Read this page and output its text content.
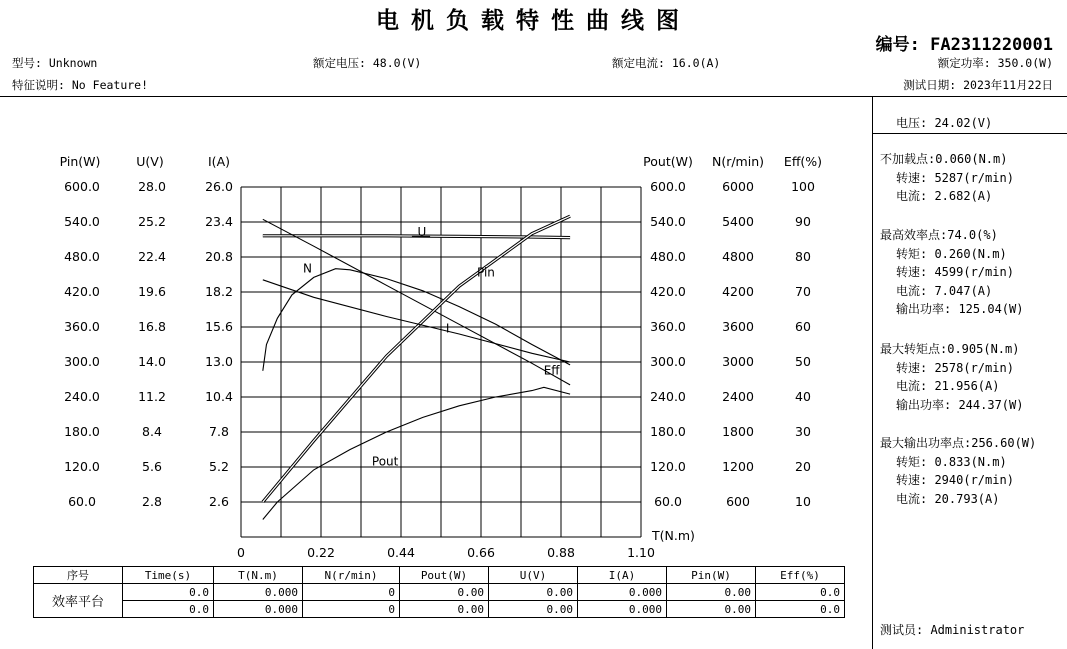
电机负载特性曲线图
编号: FA2311220001
型号: Unknown	额定电压: 48.0(V)	额定电流: 16.0(A)	额定功率: 350.0(W)
特征说明: No Feature!	测试日期: 2023年11月22日
电压: 24.02(V)
不加载点:0.060(N.m)
转速: 5287(r/min)
电流: 2.682(A)
最高效率点:74.0(%)
转矩: 0.260(N.m)
转速: 4599(r/min)
电流: 7.047(A)
输出功率: 125.04(W)
最大转矩点:0.905(N.m)
转速: 2578(r/min)
电流: 21.956(A)
输出功率: 244.37(W)
最大输出功率点:256.60(W)
转矩: 0.833(N.m)
转速: 2940(r/min)
电流: 20.793(A)
测试员: Administrator
0	0.22	0.44	0.66	0.88	1.10
T(N.m)
Pin(W)
600.0
540.0
480.0
420.0
360.0
300.0
240.0
180.0
120.0
60.0
U(V)
28.0
25.2
22.4
19.6
16.8
14.0
11.2
8.4
5.6
2.8
I(A)
26.0
23.4
20.8
18.2
15.6
13.0
10.4
7.8
5.2
2.6
Pout(W)
600.0
540.0
480.0
420.0
360.0
300.0
240.0
180.0
120.0
60.0
N(r/min)
6000
5400
4800
4200
3600
3000
2400
1800
1200
600
Eff(%)
100
90
80
70
60
50
40
30
20
10
U
N
I
Pin
Eff
Pout
序号	Time(s)	T(N.m)	N(r/min)	Pout(W)	U(V)	I(A)	Pin(W)	Eff(%)
效率平台	0.0	0.000	0	0.00	0.00	0.000	0.00	0.0
	0.0	0.000	0	0.00	0.00	0.000	0.00	0.0
